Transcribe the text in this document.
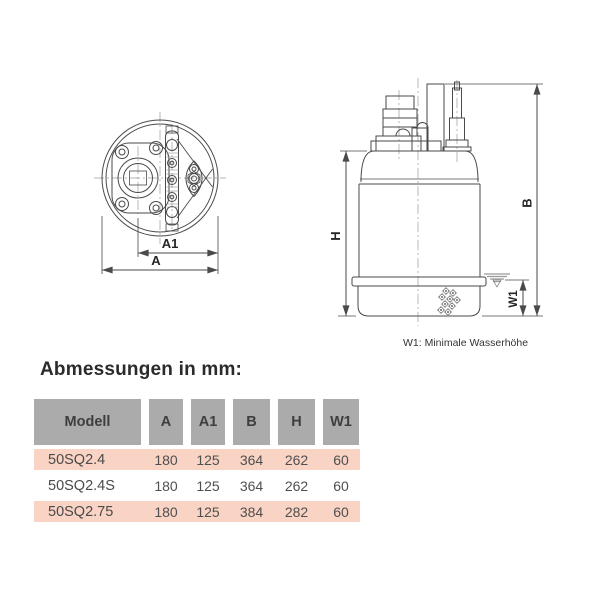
A1
A
H
B
W1
W1: Minimale Wasserhöhe
Abmessungen in mm:
Modell	A	A1	B	H	W1
50SQ2.4	180	125	364	262	60
50SQ2.4S	180	125	364	262	60
50SQ2.75	180	125	384	282	60
